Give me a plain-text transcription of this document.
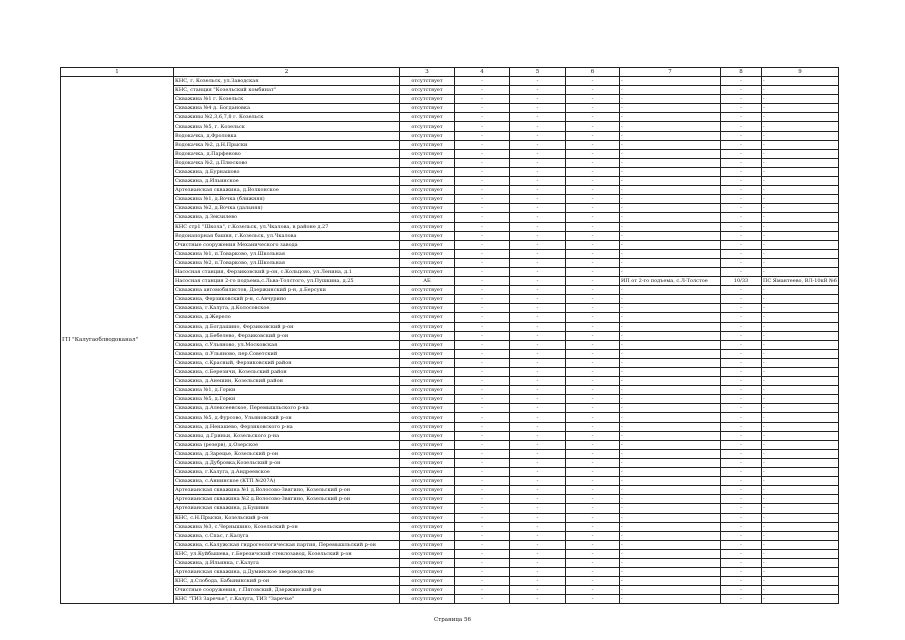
1	2	3	4	5	6	7	8	9
ГП "Калугаоблводоканал"	КНС, г. Козельск, ул.Заводская	отсутствует	-	-	-	-	-	-
	КНС, станция "Козельский комбинат"	отсутствует	-	-	-	-	-	-
	Скважина №1 г. Козельск	отсутствует	-	-	-	-	-	-
	Скважина №4 д. Богдановка	отсутствует	-	-	-	-	-	-
	Скважины №2,3,6,7,8 г. Козельск	отсутствует	-	-	-	-	-	-
	Скважина №5, г. Козельск	отсутствует	-	-	-	-	-	-
	Водокачка, д.Фроловка	отсутствует	-	-	-	-	-	-
	Водокачка №2, д.Н.Прыски	отсутствует	-	-	-	-	-	-
	Водокачка, д.Парфеново	отсутствует	-	-	-	-	-	-
	Водокачка №2, д.Плюсково	отсутствует	-	-	-	-	-	-
	Скважина, д.Бурнашово	отсутствует	-	-	-	-	-	-
	Скважина, д.Ильинское	отсутствует	-	-	-	-	-	-
	Артезианская скважина, д.Волконское	отсутствует	-	-	-	-	-	-
	Скважина №1, д.Вочка (ближняя)	отсутствует	-	-	-	-	-	-
	Скважина №2, д.Вочка (дальняя)	отсутствует	-	-	-	-	-	-
	Скважина, д.Зекзилево	отсутствует	-	-	-	-	-	-
	КНС стр1 "Школа", г.Козельск, ул.Чкалова, в районе д.27	отсутствует	-	-	-	-	-	-
	Водонапорная башня, г.Козельск, ул.Чкалова	отсутствует	-	-	-	-	-	-
	Очистные сооружения Механического завода	отсутствует	-	-	-	-	-	-
	Скважина №1, п.Товарково, ул.Школьная	отсутствует	-	-	-	-	-	-
	Скважина №2, п.Товарково, ул.Школьная	отсутствует	-	-	-	-	-	-
	Насосная станция, Ферзиковский р-он, с.Кольцово, ул.Ленина, д.1	отсутствует	-	-	-	-	-	-
	Насосная станция 2-го подъема,с.Льва-Толстого, ул.Пушкина, д.25	АБ	-	-	-	ИП от 2-го подъема, с.Л-Толстое	10/33	ПС Ямантеево, ВЛ-10кВ №6
	Скважина автомобилистов, Дзержинский р-н, д.Берсуки	отсутствует	-	-	-	-	-	-
	Скважина, Ферзиковский р-н, с.Авчурино	отсутствует	-	-	-	-	-	-
	Скважина, г.Калуга, д.Колосовское	отсутствует	-	-	-	-	-	-
	Скважина, д.Жерело	отсутствует	-	-	-	-	-	-
	Скважина, д.Богдашино, Ферзиковский р-он	отсутствует	-	-	-	-	-	-
	Скважина, д.Бебелево, Ферзиковский р-он	отсутствует	-	-	-	-	-	-
	Скважина, с.Ульяново, ул.Московская	отсутствует	-	-	-	-	-	-
	Скважина, п.Ульяново, пер.Советский	отсутствует	-	-	-	-	-	-
	Скважина, с.Красный, Ферзиковский район	отсутствует	-	-	-	-	-	-
	Скважина, с.Березичи, Козельский район	отсутствует	-	-	-	-	-	-
	Скважина, д.Анешин, Козельский район	отсутствует	-	-	-	-	-	-
	Скважина №1, д.Горки	отсутствует	-	-	-	-	-	-
	Скважина №5, д.Горки	отсутствует	-	-	-	-	-	-
	Скважина, д.Алексеевское, Перемышльского р-на	отсутствует	-	-	-	-	-	-
	Скважина №5, д.Фурсово, Ульяновский р-он	отсутствует	-	-	-	-	-	-
	Скважина, д.Ненашево, Ферзиковского р-на	отсутствует	-	-	-	-	-	-
	Скважины, д.Гриньи, Козельского р-на	отсутствует	-	-	-	-	-	-
	Скважина (резерв), д.Озерское	отсутствует	-	-	-	-	-	-
	Скважина, д.Зарецье, Козельский р-он	отсутствует	-	-	-	-	-	-
	Скважина, д.Дубровка,Козельский р-он	отсутствует	-	-	-	-	-	-
	Скважина, г.Калуга, д.Андреевское	отсутствует	-	-	-	-	-	-
	Скважина, с.Аннинское (КТП №207А)	отсутствует	-	-	-	-	-	-
	Артезианская скважина №1 д.Волосово-Звягино, Козельский р-он	отсутствует	-	-	-	-	-	-
	Артезианская скважина №2 д.Волосово-Звягино, Козельский р-он	отсутствует	-	-	-	-	-	-
	Артезианская скважина, д.Бушнин	отсутствует	-	-	-	-	-	-
	КНС, с.Н.Прыски, Козельский р-он	отсутствует	-	-	-	-	-	-
	Скважина №3, с.Чернышино, Козельский р-он	отсутствует	-	-	-	-	-	-
	Скважина, с.Спас, г.Калуга	отсутствует	-	-	-	-	-	-
	Скважина, с.Калужская гидрогеологическая партия, Перемышльский р-он	отсутствует	-	-	-	-	-	-
	КНС, ул.Куйбышева, г.Березичский стеклозавод, Козельский р-он	отсутствует	-	-	-	-	-	-
	Скважина, д.Ильинка, г.Калуга	отсутствует	-	-	-	-	-	-
	Артезианская скважина, д.Думинское звероводство	отсутствует	-	-	-	-	-	-
	КНС, д.Слобода, Бабынинский р-он	отсутствует	-	-	-	-	-	-
	Очистные сооружения, г.Пятовский, Дзержинский р-н	отсутствует	-	-	-	-	-	-
	КНС "ТИЗ Заречье", г.Калуга, ТИЗ "Заречье"	отсутствует	-	-	-	-	-	-
Страница 56
